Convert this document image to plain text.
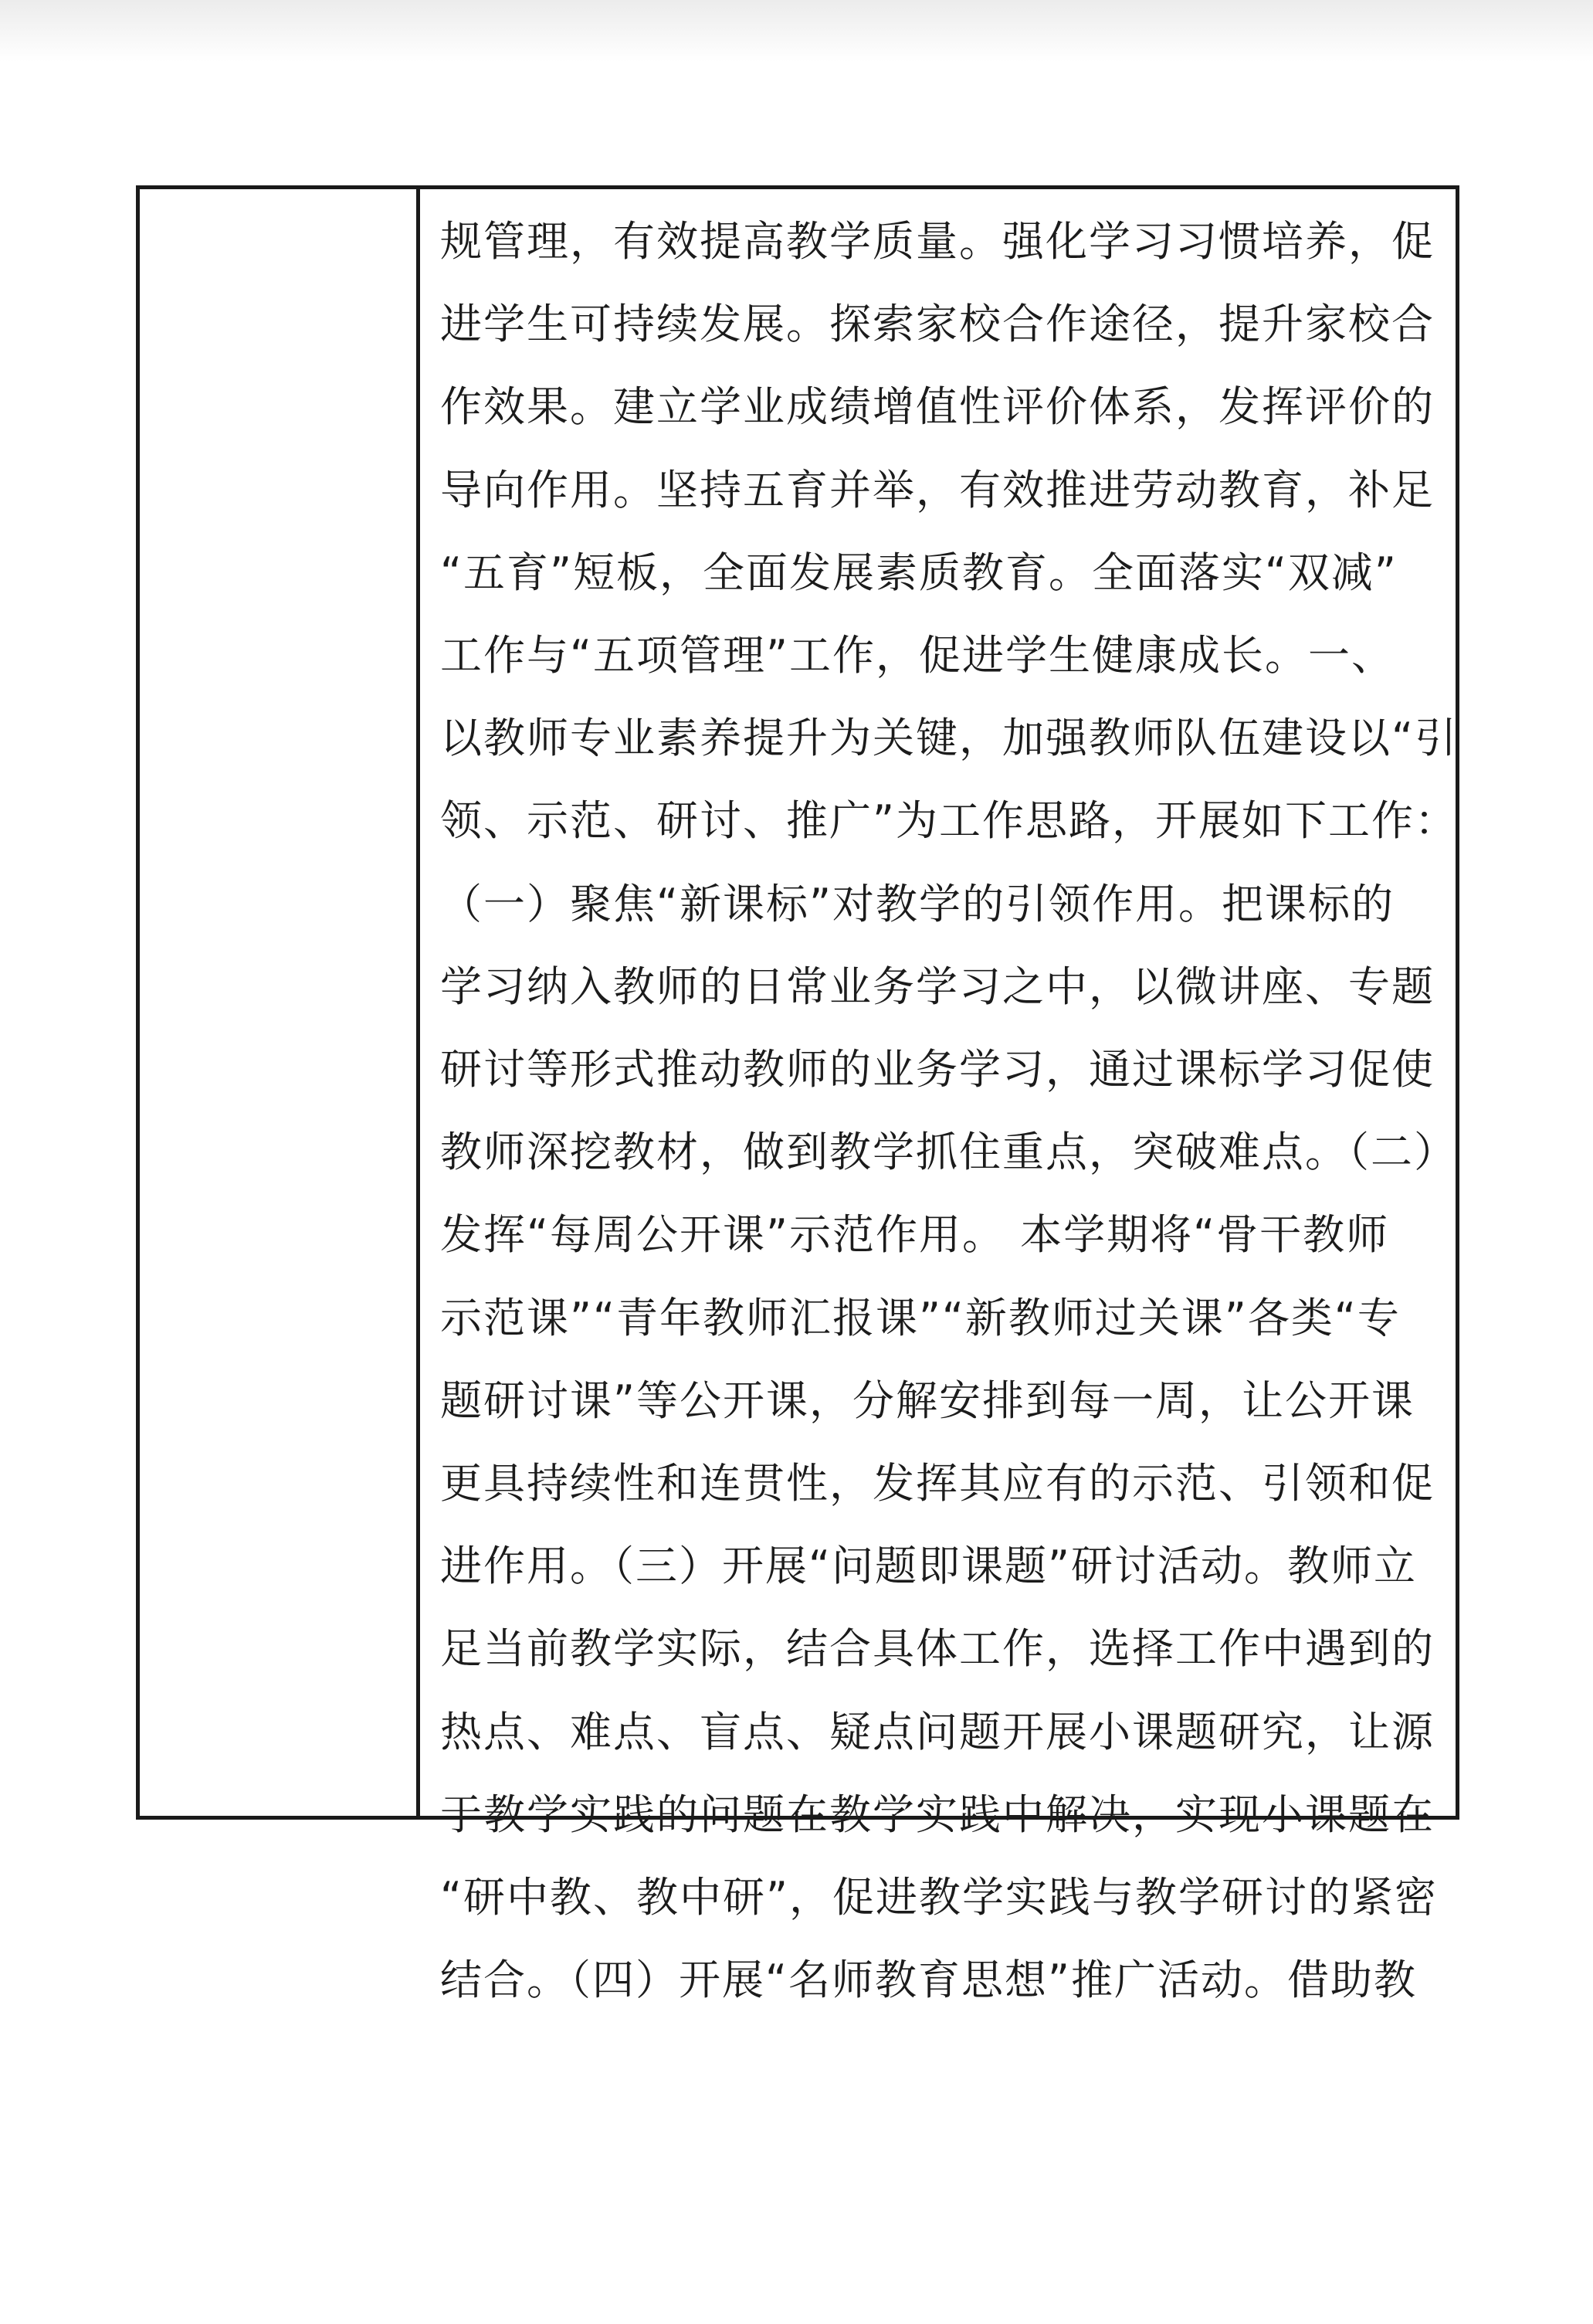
规管理，有效提高教学质量。强化学习习惯培养，促
进学生可持续发展。探索家校合作途径，提升家校合
作效果。建立学业成绩增值性评价体系，发挥评价的
导向作用。坚持五育并举，有效推进劳动教育，补足
“五育”短板，全面发展素质教育。全面落实“双减”
工作与“五项管理”工作，促进学生健康成长。一、
以教师专业素养提升为关键，加强教师队伍建设以“引
领、示范、研讨、推广”为工作思路，开展如下工作：
（一）聚焦“新课标”对教学的引领作用。把课标的
学习纳入教师的日常业务学习之中，以微讲座、专题
研讨等形式推动教师的业务学习，通过课标学习促使
教师深挖教材，做到教学抓住重点，突破难点。（二）
发挥“每周公开课”示范作用。 本学期将“骨干教师
示范课”“青年教师汇报课”“新教师过关课”各类“专
题研讨课”等公开课，分解安排到每一周，让公开课
更具持续性和连贯性，发挥其应有的示范、引领和促
进作用。（三）开展“问题即课题”研讨活动。教师立
足当前教学实际，结合具体工作，选择工作中遇到的
热点、难点、盲点、疑点问题开展小课题研究，让源
于教学实践的问题在教学实践中解决，实现小课题在
“研中教、教中研”，促进教学实践与教学研讨的紧密
结合。（四）开展“名师教育思想”推广活动。借助教
